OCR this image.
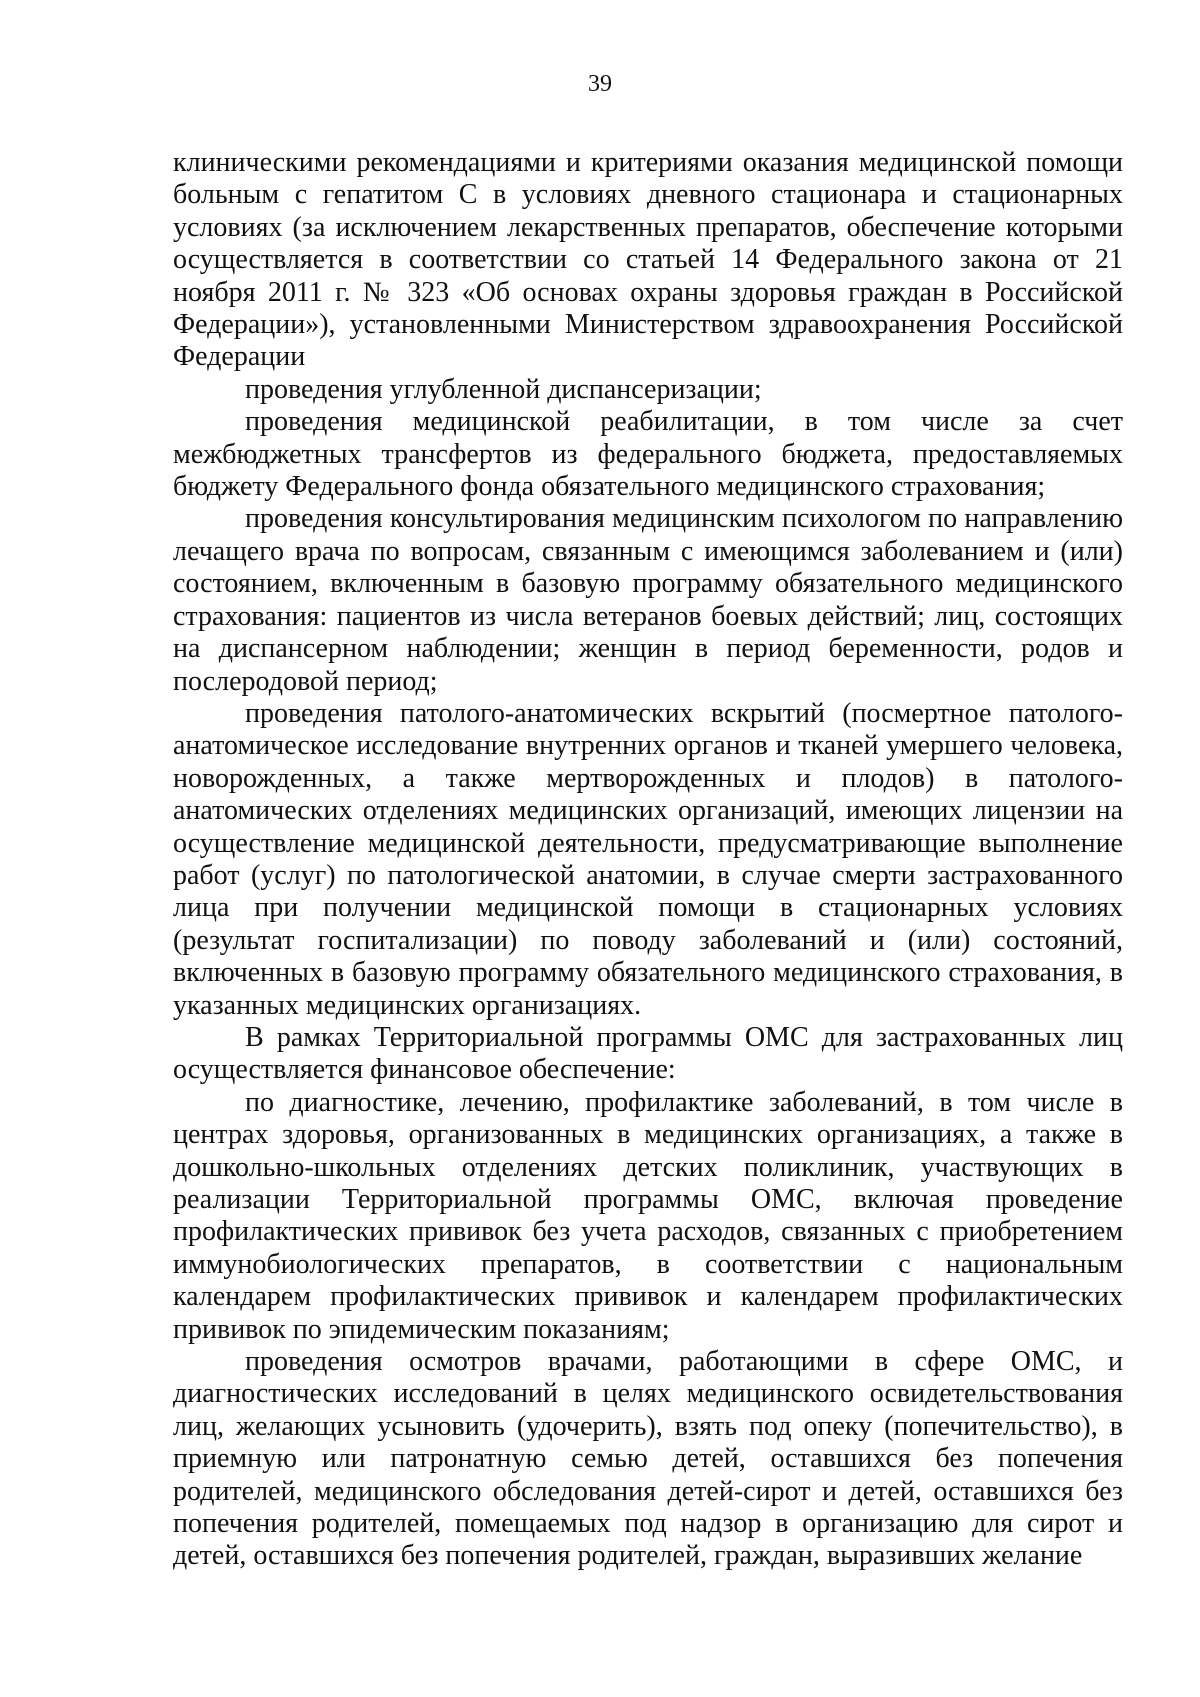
39

клиническими рекомендациями и критериями оказания медицинской помощи больным с гепатитом С в условиях дневного стационара и стационарных условиях (за исключением лекарственных препаратов, обеспечение которыми осуществляется в соответствии со статьей 14 Федерального закона от 21 ноября 2011 г. № 323 «Об основах охраны здоровья граждан в Российской Федерации»), установленными Министерством здравоохранения Российской Федерации

проведения углубленной диспансеризации;

проведения медицинской реабилитации, в том числе за счет межбюджетных трансфертов из федерального бюджета, предоставляемых бюджету Федерального фонда обязательного медицинского страхования;

проведения консультирования медицинским психологом по направлению лечащего врача по вопросам, связанным с имеющимся заболеванием и (или) состоянием, включенным в базовую программу обязательного медицинского страхования: пациентов из числа ветеранов боевых действий; лиц, состоящих на диспансерном наблюдении; женщин в период беременности, родов и послеродовой период;

проведения патолого-анатомических вскрытий (посмертное патолого-анатомическое исследование внутренних органов и тканей умершего человека, новорожденных, а также мертворожденных и плодов) в патолого-анатомических отделениях медицинских организаций, имеющих лицензии на осуществление медицинской деятельности, предусматривающие выполнение работ (услуг) по патологической анатомии, в случае смерти застрахованного лица при получении медицинской помощи в стационарных условиях (результат госпитализации) по поводу заболеваний и (или) состояний, включенных в базовую программу обязательного медицинского страхования, в указанных медицинских организациях.

В рамках Территориальной программы ОМС для застрахованных лиц осуществляется финансовое обеспечение:

по диагностике, лечению, профилактике заболеваний, в том числе в центрах здоровья, организованных в медицинских организациях, а также в дошкольно-школьных отделениях детских поликлиник, участвующих в реализации Территориальной программы ОМС, включая проведение профилактических прививок без учета расходов, связанных с приобретением иммунобиологических препаратов, в соответствии с национальным календарем профилактических прививок и календарем профилактических прививок по эпидемическим показаниям;

проведения осмотров врачами, работающими в сфере ОМС, и диагностических исследований в целях медицинского освидетельствования лиц, желающих усыновить (удочерить), взять под опеку (попечительство), в приемную или патронатную семью детей, оставшихся без попечения родителей, медицинского обследования детей-сирот и детей, оставшихся без попечения родителей, помещаемых под надзор в организацию для сирот и детей, оставшихся без попечения родителей, граждан, выразивших желание
